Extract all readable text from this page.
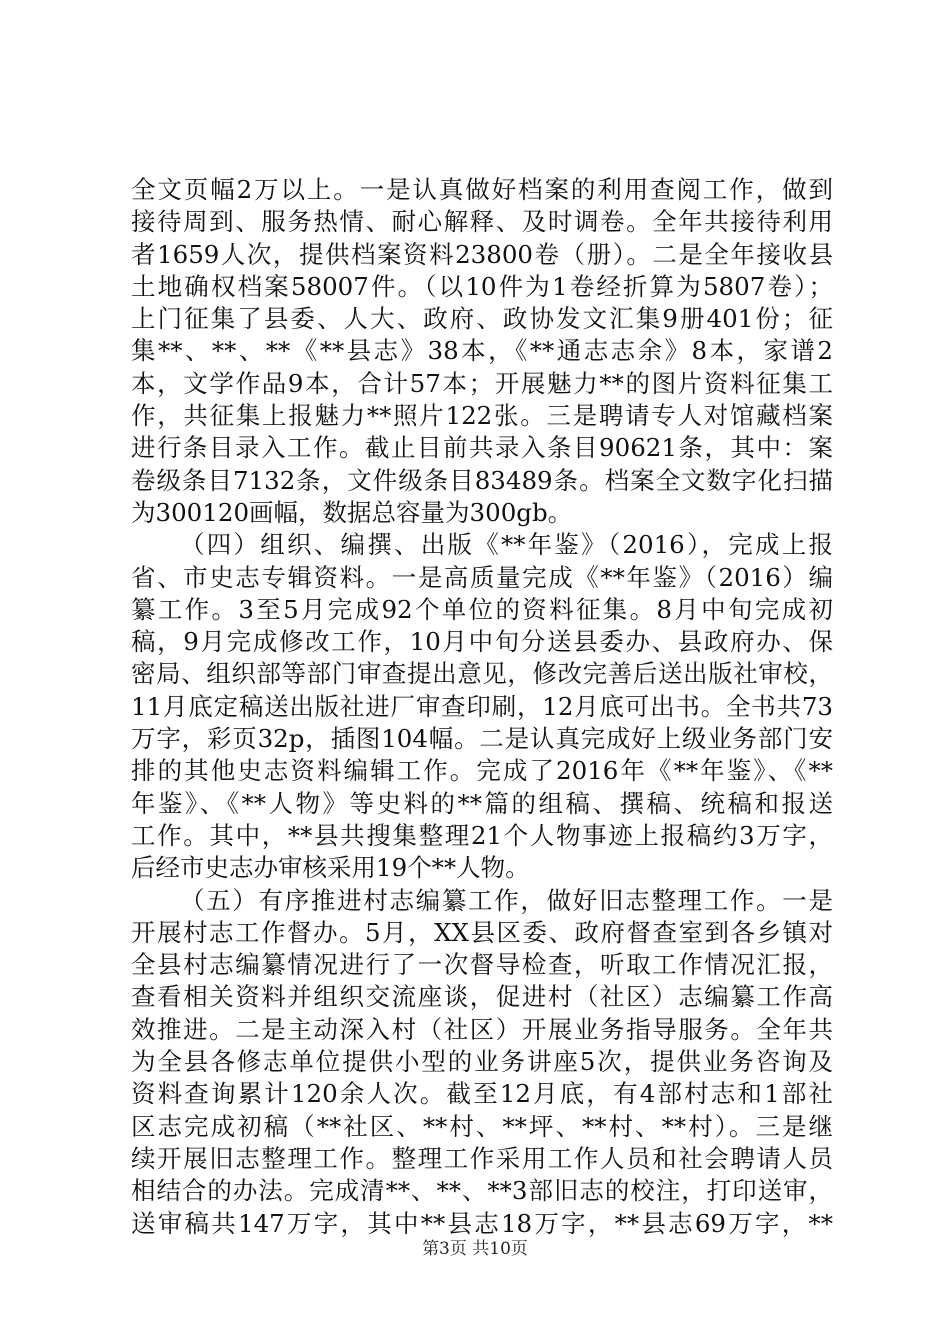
全文页幅2万以上。一是认真做好档案的利用查阅工作，做到
接待周到、服务热情、耐心解释、及时调卷。全年共接待利用
者1659人次，提供档案资料23800卷（册）。二是全年接收县
土地确权档案58007件。（以10件为1卷经折算为5807卷）；
上门征集了县委、人大、政府、政协发文汇集9册401份；征
集**、**、**《**县志》38本，《**通志志余》8本，家谱2
本，文学作品9本，合计57本；开展魅力**的图片资料征集工
作，共征集上报魅力**照片122张。三是聘请专人对馆藏档案
进行条目录入工作。截止目前共录入条目90621条，其中：案
卷级条目7132条，文件级条目83489条。档案全文数字化扫描
为300120画幅，数据总容量为300gb。
（四）组织、编撰、出版《**年鉴》（2016），完成上报
省、市史志专辑资料。一是高质量完成《**年鉴》（2016）编
纂工作。3至5月完成92个单位的资料征集。8月中旬完成初
稿，9月完成修改工作，10月中旬分送县委办、县政府办、保
密局、组织部等部门审查提出意见，修改完善后送出版社审校，
11月底定稿送出版社进厂审查印刷，12月底可出书。全书共73
万字，彩页32p，插图104幅。二是认真完成好上级业务部门安
排的其他史志资料编辑工作。完成了2016年《**年鉴》、《**
年鉴》、《**人物》等史料的**篇的组稿、撰稿、统稿和报送
工作。其中，**县共搜集整理21个人物事迹上报稿约3万字，
后经市史志办审核采用19个**人物。
（五）有序推进村志编纂工作，做好旧志整理工作。一是
开展村志工作督办。5月，XX县区委、政府督查室到各乡镇对
全县村志编纂情况进行了一次督导检查，听取工作情况汇报，
查看相关资料并组织交流座谈，促进村（社区）志编纂工作高
效推进。二是主动深入村（社区）开展业务指导服务。全年共
为全县各修志单位提供小型的业务讲座5次，提供业务咨询及
资料查询累计120余人次。截至12月底，有4部村志和1部社
区志完成初稿（**社区、**村、**坪、**村、**村）。三是继
续开展旧志整理工作。整理工作采用工作人员和社会聘请人员
相结合的办法。完成清**、**、**3部旧志的校注，打印送审，
送审稿共147万字，其中**县志18万字，**县志69万字，**
第3页 共10页
